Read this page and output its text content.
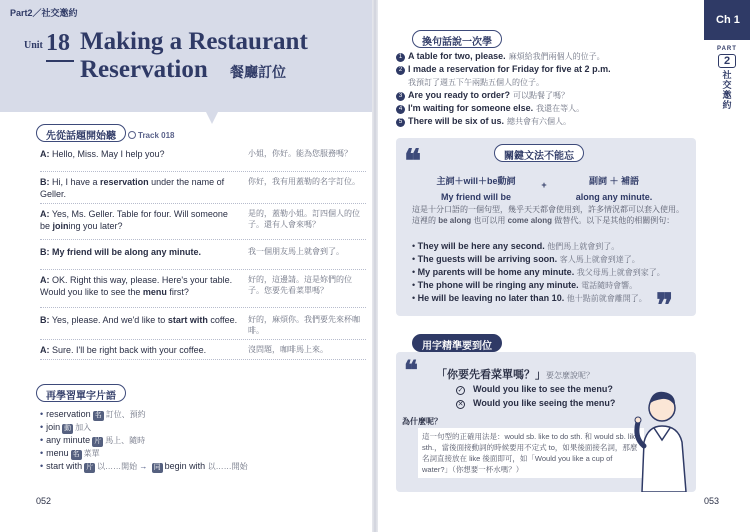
Part2／社交邀約
Unit 18 Making a Restaurant
Reservation 餐廳訂位
先從話題開始聽	Track 018
A: Hello, Miss. May I help you?	小姐，你好。能為您服務嗎？
B: Hi, I have a reservation under the name of Geller.
你好，我有用蓋勒的名字訂位。
A: Yes, Ms. Geller. Table for four. Will someone be joining you later?
是的，蓋勒小姐。訂四個人的位子。還有人會來嗎？
B: My friend will be along any minute.	我一個朋友馬上就會到了。
A: OK. Right this way, please. Here's your table. Would you like to see the menu first?
好的，這邊請。這是妳們的位子。您要先看菜單嗎？
B: Yes, please. And we'd like to start with coffee.	好的，麻煩你。我們要先來杯咖啡。
A: Sure. I'll be right back with your coffee.	沒問題，咖啡馬上來。
再學習單字片語
• reservation 名 訂位、預約
• join 動 加入
• any minute 片 馬上、隨時
• menu 名 菜單
• start with 片 以……開始 → 同 begin with 以……開始
052
Ch 1
PART
2
社交邀約
換句話說一次學
1 A table for two, please. 麻煩給我們兩個人的位子。
2 I made a reservation for Friday for five at 2 p.m.
我預訂了週五下午兩點五個人的位子。
3 Are you ready to order? 可以點餐了嗎？
4 I'm waiting for someone else. 我還在等人。
5 There will be six of us. 總共會有六個人。
❝
❞
關鍵文法不能忘
主詞＋will＋be動詞
My friend will be
+	副詞 ＋ 補語
along any minute.
這是十分口語的一個句型，幾乎天天都會使用到，許多情況都可以套入使用。這裡的 be along 也可以用 come along 做替代。以下是其他的相關例句：
• They will be here any second. 他們馬上就會到了。
• The guests will be arriving soon. 客人馬上就會到達了。
• My parents will be home any minute. 我父母馬上就會到家了。
• The phone will be ringing any minute. 電話隨時會響。
• He will be leaving no later than 10. 他十點前就會離開了。
用字精準要到位
❝ 「你要先看菜單嗎？」要怎麼說呢？
✓ Would you like to see the menu?
✕ Would you like seeing the menu?
為什麼呢？
這一句型的正確用法是：would sb. like to do sth. 和 would sb. like sth.，當後面接動詞的時候要用不定式 to，如果後面接名詞，那麼名詞直接放在 like 後面即可，如「Would you like a cup of water?」（你想要一杯水嗎？）
053
